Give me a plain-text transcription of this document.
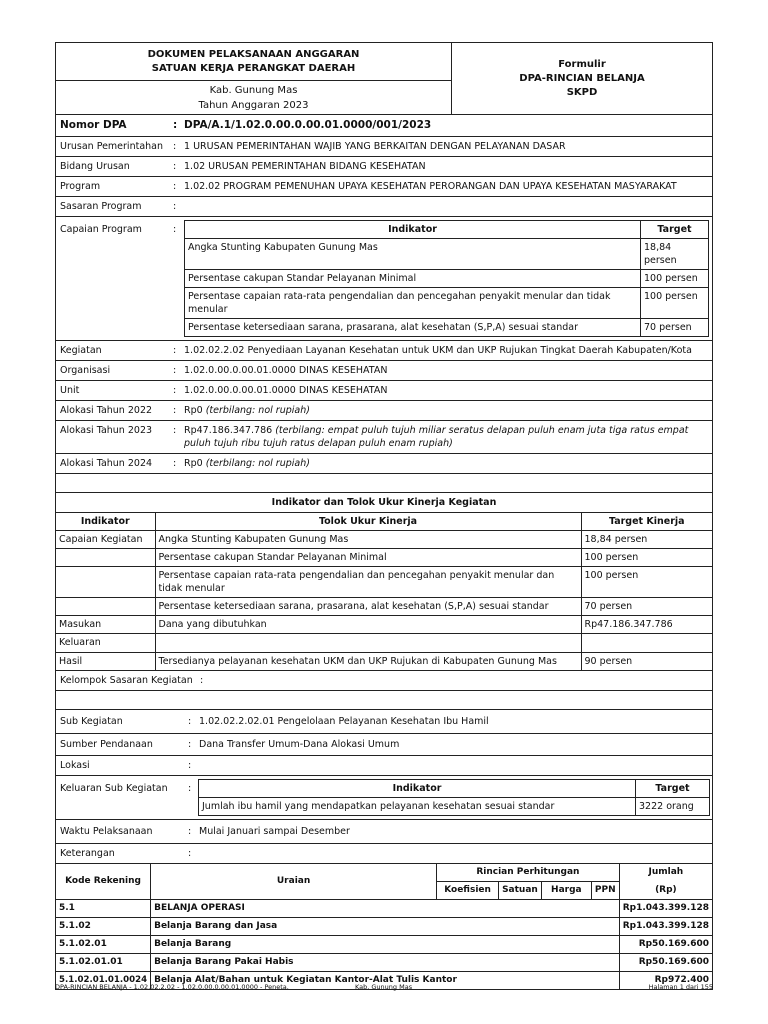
DOKUMEN PELAKSANAAN ANGGARAN
SATUAN KERJA PERANGKAT DAERAH
Kab. Gunung Mas
Tahun Anggaran 2023
Formulir
DPA-RINCIAN BELANJA
SKPD
Nomor DPA	: DPA/A.1/1.02.0.00.0.00.01.0000/001/2023
Urusan Pemerintahan	: 1 URUSAN PEMERINTAHAN WAJIB YANG BERKAITAN DENGAN PELAYANAN DASAR
Bidang Urusan	: 1.02 URUSAN PEMERINTAHAN BIDANG KESEHATAN
Program	: 1.02.02 PROGRAM PEMENUHAN UPAYA KESEHATAN PERORANGAN DAN UPAYA KESEHATAN MASYARAKAT
Sasaran Program	:
Capaian Program	:	Indikator	Target
Angka Stunting Kabupaten Gunung Mas	18,84 persen
Persentase cakupan Standar Pelayanan Minimal	100 persen
Persentase capaian rata-rata pengendalian dan pencegahan penyakit menular dan tidak menular	100 persen
Persentase ketersediaan sarana, prasarana, alat kesehatan (S,P,A) sesuai standar	70 persen
Kegiatan	: 1.02.02.2.02 Penyediaan Layanan Kesehatan untuk UKM dan UKP Rujukan Tingkat Daerah Kabupaten/Kota
Organisasi	: 1.02.0.00.0.00.01.0000 DINAS KESEHATAN
Unit	: 1.02.0.00.0.00.01.0000 DINAS KESEHATAN
Alokasi Tahun 2022	: Rp0 (terbilang: nol rupiah)
Alokasi Tahun 2023	: Rp47.186.347.786 (terbilang: empat puluh tujuh miliar seratus delapan puluh enam juta tiga ratus empat puluh tujuh ribu tujuh ratus delapan puluh enam rupiah)
Alokasi Tahun 2024	: Rp0 (terbilang: nol rupiah)
Indikator dan Tolok Ukur Kinerja Kegiatan
Indikator	Tolok Ukur Kinerja	Target Kinerja
Capaian Kegiatan	Angka Stunting Kabupaten Gunung Mas	18,84 persen
	Persentase cakupan Standar Pelayanan Minimal	100 persen
	Persentase capaian rata-rata pengendalian dan pencegahan penyakit menular dan tidak menular	100 persen
	Persentase ketersediaan sarana, prasarana, alat kesehatan (S,P,A) sesuai standar	70 persen
Masukan	Dana yang dibutuhkan	Rp47.186.347.786
Keluaran		
Hasil	Tersedianya pelayanan kesehatan UKM dan UKP Rujukan di Kabupaten Gunung Mas	90 persen
Kelompok Sasaran Kegiatan :
Sub Kegiatan	: 1.02.02.2.02.01 Pengelolaan Pelayanan Kesehatan Ibu Hamil
Sumber Pendanaan	: Dana Transfer Umum-Dana Alokasi Umum
Lokasi	:
Keluaran Sub Kegiatan	:	Indikator	Target
Jumlah ibu hamil yang mendapatkan pelayanan kesehatan sesuai standar	3222 orang
Waktu Pelaksanaan	: Mulai Januari sampai Desember
Keterangan	:
Kode Rekening	Uraian	Rincian Perhitungan				Jumlah
		Koefisien	Satuan	Harga	PPN	(Rp)
5.1	BELANJA OPERASI					Rp1.043.399.128
5.1.02	Belanja Barang dan Jasa					Rp1.043.399.128
5.1.02.01	Belanja Barang					Rp50.169.600
5.1.02.01.01	Belanja Barang Pakai Habis					Rp50.169.600
5.1.02.01.01.0024	Belanja Alat/Bahan untuk Kegiatan Kantor-Alat Tulis Kantor					Rp972.400
DPA-RINCIAN BELANJA - 1.02.02.2.02 - 1.02.0.00.0.00.01.0000 - Peneta.	Kab. Gunung Mas	Halaman 1 dari 155
